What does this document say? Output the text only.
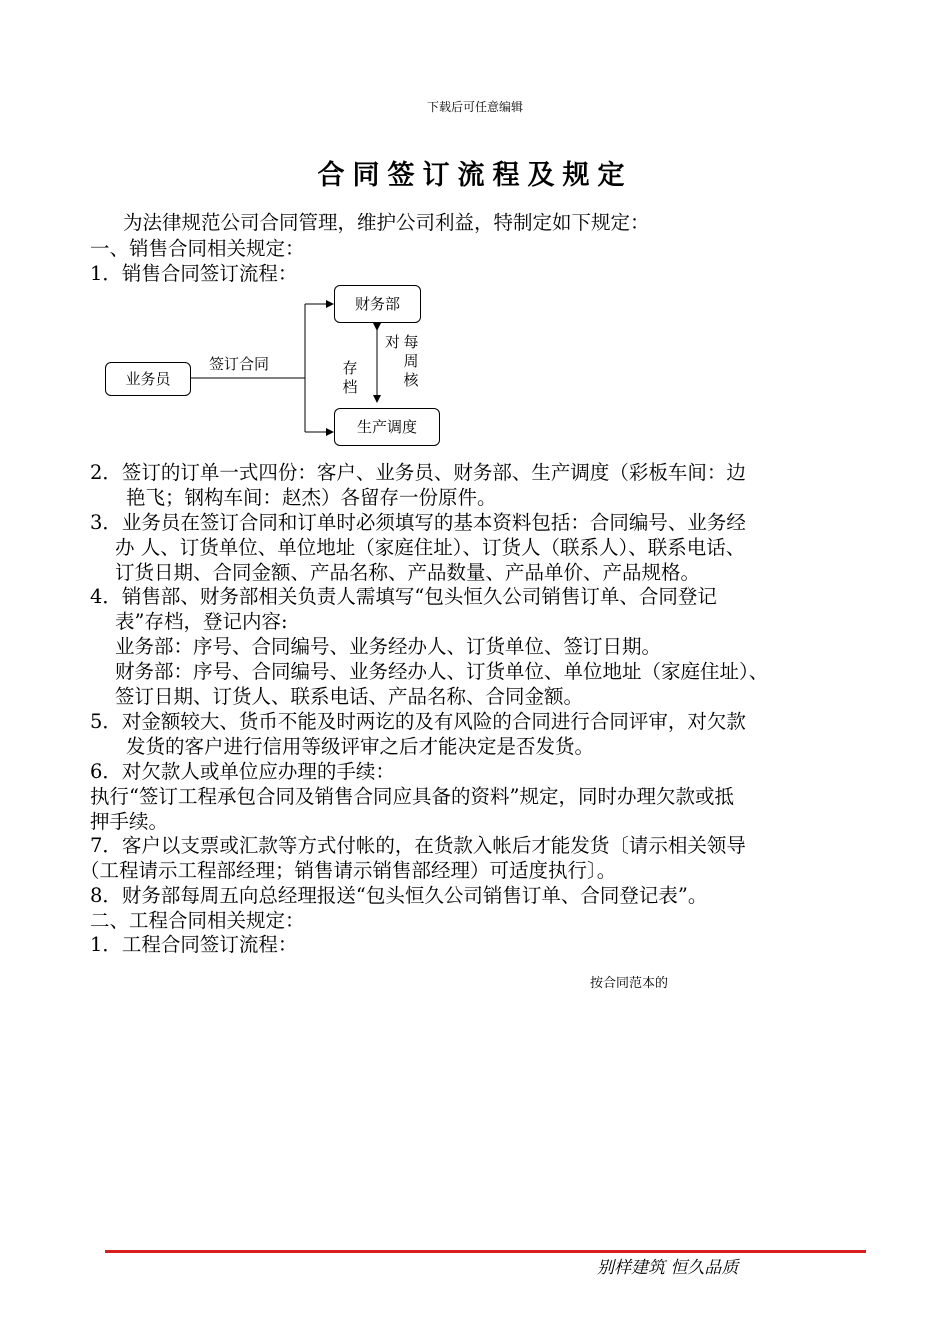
下载后可任意编辑
合同签订流程及规定
为法律规范公司合同管理，维护公司利益，特制定如下规定：
一、销售合同相关规定：
1．销售合同签订流程：
业务员
财务部
生产调度
签订合同	存档
对 每周核
2．签订的订单一式四份：客户、业务员、财务部、生产调度（彩板车间：边
艳飞；钢构车间：赵杰）各留存一份原件。
3．业务员在签订合同和订单时必须填写的基本资料包括：合同编号、业务经
办 人、订货单位、单位地址（家庭住址）、订货人（联系人）、联系电话、
订货日期、合同金额、产品名称、产品数量、产品单价、产品规格。
4．销售部、财务部相关负责人需填写“包头恒久公司销售订单、合同登记
表”存档，登记内容:
业务部：序号、合同编号、业务经办人、订货单位、签订日期。
财务部：序号、合同编号、业务经办人、订货单位、单位地址（家庭住址）、
签订日期、订货人、联系电话、产品名称、合同金额。
5．对金额较大、货币不能及时两讫的及有风险的合同进行合同评审，对欠款
发货的客户进行信用等级评审之后才能决定是否发货。
6．对欠款人或单位应办理的手续：
执行“签订工程承包合同及销售合同应具备的资料”规定，同时办理欠款或抵
押手续。
7．客户以支票或汇款等方式付帐的，在货款入帐后才能发货〔请示相关领导
（工程请示工程部经理；销售请示销售部经理）可适度执行〕。
8．财务部每周五向总经理报送“包头恒久公司销售订单、合同登记表”。
二、工程合同相关规定：
1．工程合同签订流程：
按合同范本的
别样建筑 恒久品质
